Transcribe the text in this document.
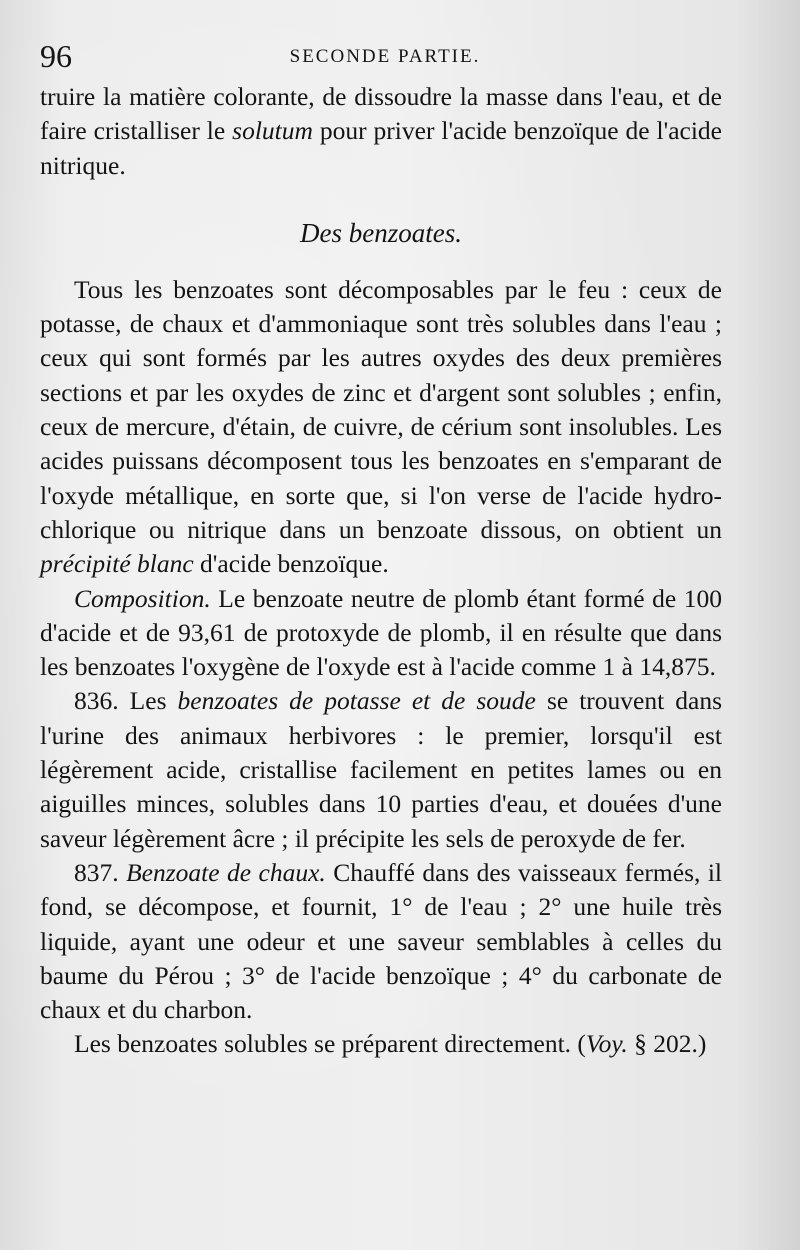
96	SECONDE PARTIE.

truire la matière colorante, de dissoudre la masse dans l'eau, et de faire cristalliser le solutum pour priver l'acide benzoïque de l'acide nitrique.

Des benzoates.

Tous les benzoates sont décomposables par le feu : ceux de potasse, de chaux et d'ammoniaque sont très solubles dans l'eau ; ceux qui sont formés par les autres oxydes des deux premières sections et par les oxydes de zinc et d'argent sont solubles ; enfin, ceux de mercure, d'étain, de cuivre, de cérium sont insolubles. Les acides puissans décomposent tous les benzoates en s'emparant de l'oxyde métallique, en sorte que, si l'on verse de l'acide hydro-chlorique ou nitrique dans un benzoate dissous, on obtient un précipité blanc d'acide benzoïque.

Composition. Le benzoate neutre de plomb étant formé de 100 d'acide et de 93,61 de protoxyde de plomb, il en résulte que dans les benzoates l'oxygène de l'oxyde est à l'acide comme 1 à 14,875.

836. Les benzoates de potasse et de soude se trouvent dans l'urine des animaux herbivores : le premier, lorsqu'il est légèrement acide, cristallise facilement en petites lames ou en aiguilles minces, solubles dans 10 parties d'eau, et douées d'une saveur légèrement âcre ; il précipite les sels de peroxyde de fer.

837. Benzoate de chaux. Chauffé dans des vaisseaux fermés, il fond, se décompose, et fournit, 1° de l'eau ; 2° une huile très liquide, ayant une odeur et une saveur semblables à celles du baume du Pérou ; 3° de l'acide benzoïque ; 4° du carbonate de chaux et du charbon.

Les benzoates solubles se préparent directement. (Voy. § 202.)
